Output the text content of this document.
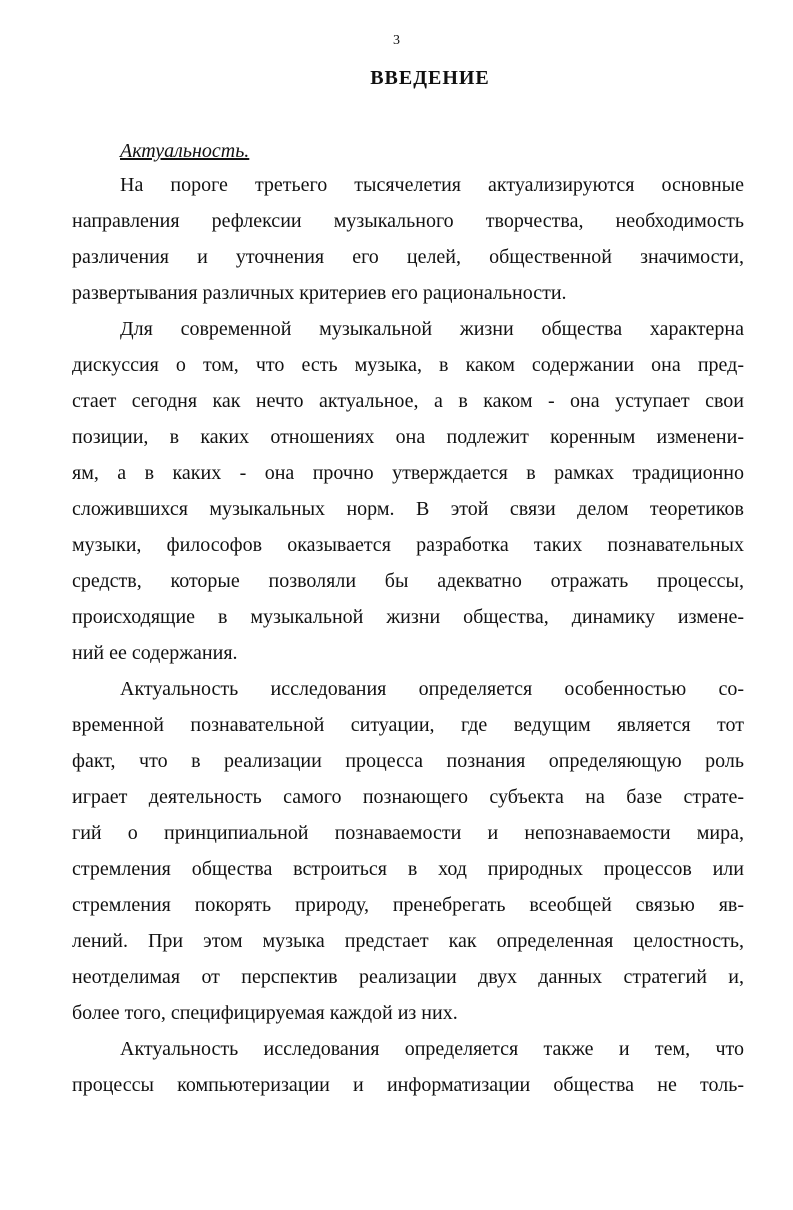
3
ВВЕДЕНИЕ
Актуальность.

На пороге третьего тысячелетия актуализируются основные

направления рефлексии музыкального творчества, необходимость

различения и уточнения его целей, общественной значимости,

развертывания различных критериев его рациональности.

Для современной музыкальной жизни общества характерна

дискуссия о том, что есть музыка, в каком содержании она пред-

стает сегодня как нечто актуальное, а в каком - она уступает свои

позиции, в каких отношениях она подлежит коренным изменени-

ям, а в каких - она прочно утверждается в рамках традиционно

сложившихся музыкальных норм. В этой связи делом теоретиков

музыки, философов оказывается разработка таких познавательных

средств, которые позволяли бы адекватно отражать процессы,

происходящие в музыкальной жизни общества, динамику измене-

ний ее содержания.

Актуальность исследования определяется особенностью со-

временной познавательной ситуации, где ведущим является тот

факт, что в реализации процесса познания определяющую роль

играет деятельность самого познающего субъекта на базе страте-

гий о принципиальной познаваемости и непознаваемости мира,

стремления общества встроиться в ход природных процессов или

стремления покорять природу, пренебрегать всеобщей связью яв-

лений. При этом музыка предстает как определенная целостность,

неотделимая от перспектив реализации двух данных стратегий и,

более того, специфицируемая каждой из них.

Актуальность исследования определяется также и тем, что

процессы компьютеризации и информатизации общества не толь-
